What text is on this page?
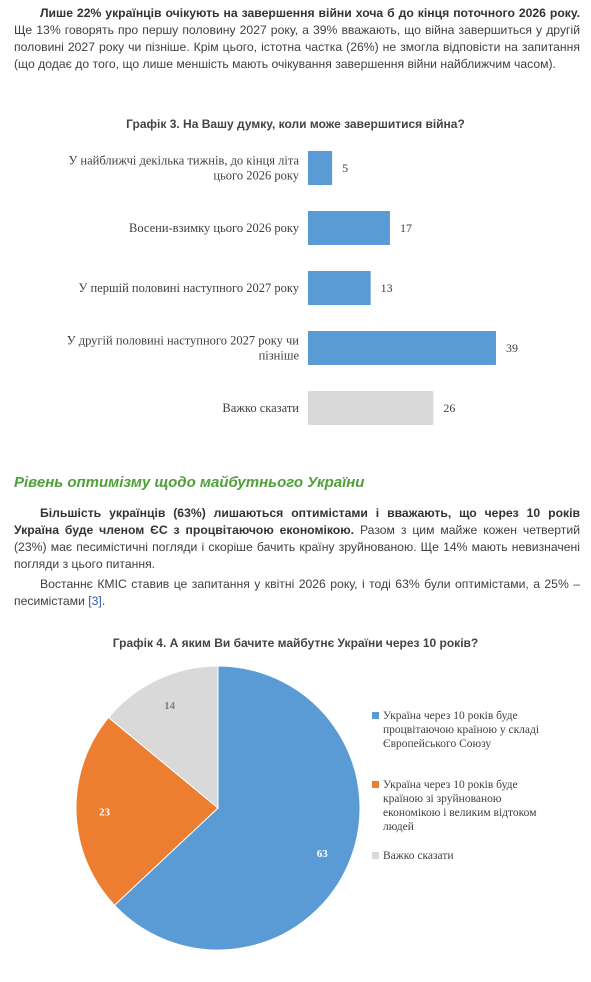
Лише 22% українців очікують на завершення війни хоча б до кінця поточного 2026 року. Ще 13% говорять про першу половину 2027 року, а 39% вважають, що війна завершиться у другій половині 2027 року чи пізніше. Крім цього, істотна частка (26%) не змогла відповісти на запитання (що додає до того, що лише меншість мають очікування завершення війни найближчим часом).
Графік 3. На Вашу думку, коли може завершитися війна?
5
У найближчі декілька тижнів, до кінця літа
цього 2026 року
17
Восени-взимку цього 2026 року
13
У першій половині наступного 2027 року
39
У другій половині наступного 2027 року чи
пізніше
26
Важко сказати
Рівень оптимізму щодо майбутнього України
Більшість українців (63%) лишаються оптимістами і вважають, що через 10 років Україна буде членом ЄС з процвітаючою економікою. Разом з цим майже кожен четвертий (23%) має песимістичні погляди і скоріше бачить країну зруйнованою. Ще 14% мають невизначені погляди з цього питання.
Востаннє КМІС ставив це запитання у квітні 2026 року, і тоді 63% були оптимістами, а 25% – песимістами [3].
Графік 4. А яким Ви бачите майбутнє України через 10 років?
63
23
14
Україна через 10 років буде
процвітаючою країною у складі
Європейського Союзу
Україна через 10 років буде
країною зі зруйнованою
економікою і великим відтоком
людей
Важко сказати
